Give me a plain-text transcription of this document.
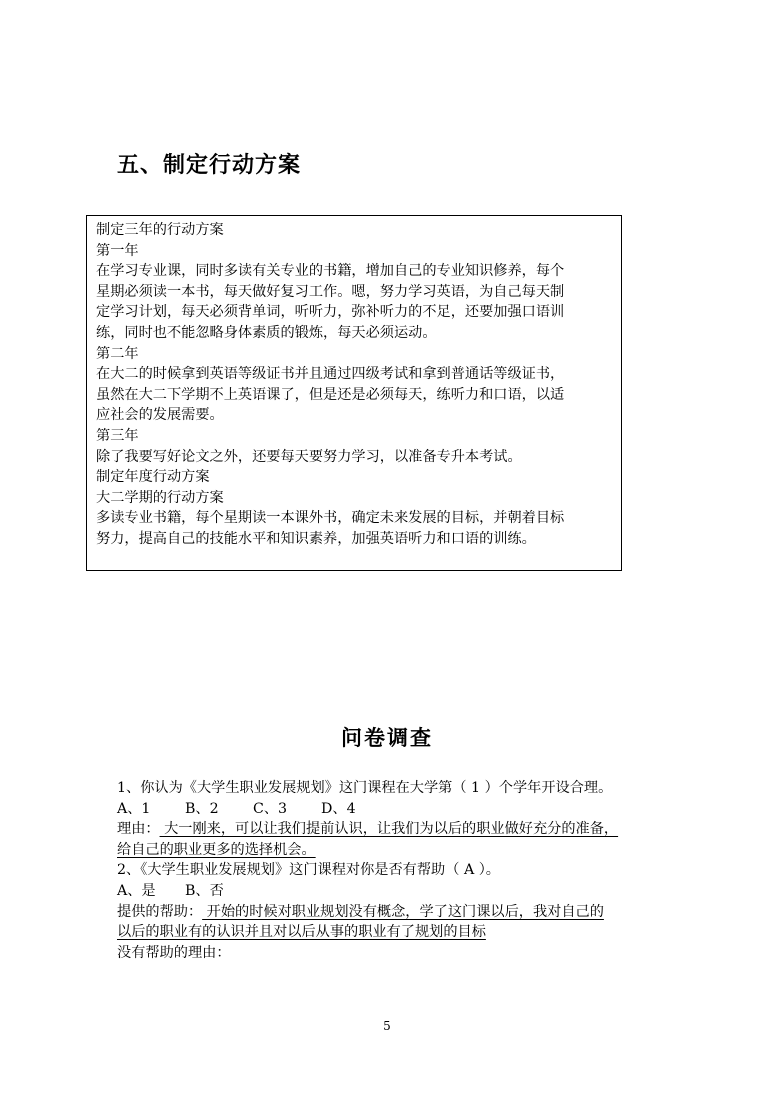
五、制定行动方案

制定三年的行动方案

第一年

在学习专业课，同时多读有关专业的书籍，增加自己的专业知识修养，每个

星期必须读一本书，每天做好复习工作。嗯，努力学习英语，为自己每天制

定学习计划，每天必须背单词，听听力，弥补听力的不足，还要加强口语训

练，同时也不能忽略身体素质的锻炼，每天必须运动。

第二年

在大二的时候拿到英语等级证书并且通过四级考试和拿到普通话等级证书，

虽然在大二下学期不上英语课了，但是还是必须每天，练听力和口语，以适

应社会的发展需要。

第三年

除了我要写好论文之外，还要每天要努力学习，以准备专升本考试。

制定年度行动方案

大二学期的行动方案

多读专业书籍，每个星期读一本课外书，确定未来发展的目标，并朝着目标

努力，提高自己的技能水平和知识素养，加强英语听力和口语的训练。

问卷调查

1、你认为《大学生职业发展规划》这门课程在大学第（ 1 ）个学年开设合理。

A、1 B、2 C、3 D、4

理由： 大一刚来，可以让我们提前认识，让我们为以后的职业做好充分的准备，

给自己的职业更多的选择机会。

2、《大学生职业发展规划》这门课程对你是否有帮助（ A ）。

A、是 B、否

提供的帮助： 开始的时候对职业规划没有概念，学了这门课以后，我对自己的

以后的职业有的认识并且对以后从事的职业有了规划的目标

没有帮助的理由：

5
